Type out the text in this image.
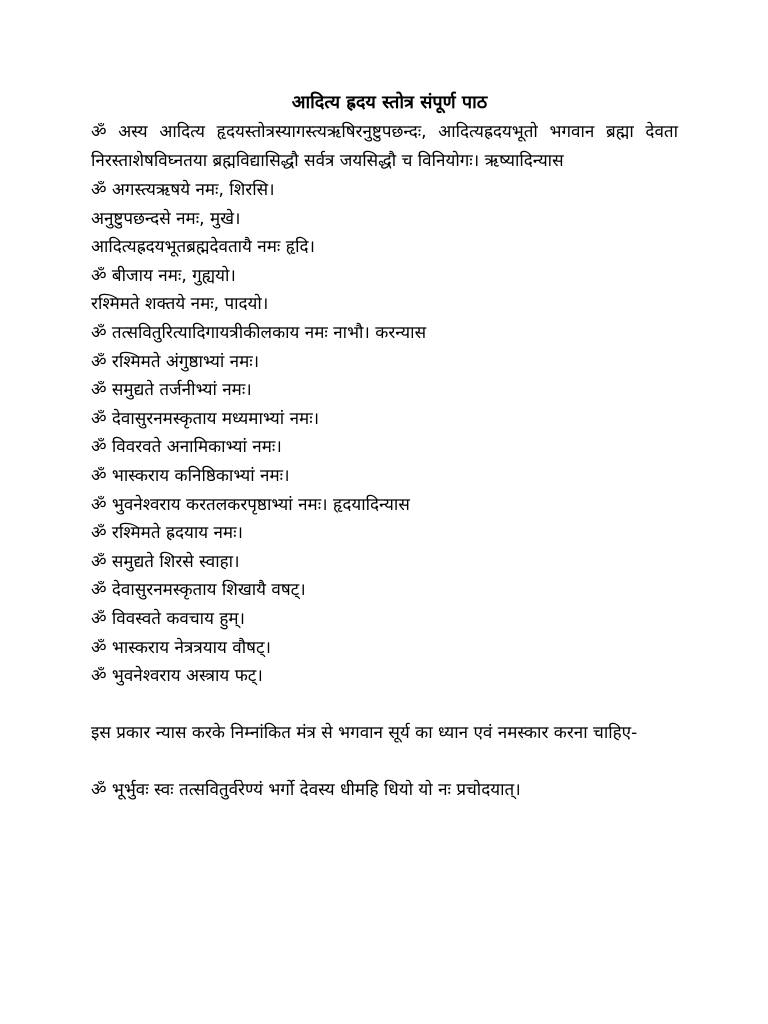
आदित्य ह्रदय स्तोत्र संपूर्ण पाठ

ॐ अस्य आदित्य हृदयस्तोत्रस्यागस्त्यऋषिरनुष्टुपछन्दः, आदित्यह्रदयभूतो भगवान ब्रह्मा देवता निरस्ताशेषविघ्नतया ब्रह्मविद्यासिद्धौ सर्वत्र जयसिद्धौ च विनियोगः। ऋष्यादिन्यास

ॐ अगस्त्यऋषये नमः, शिरसि।
अनुष्टुपछन्दसे नमः, मुखे।
आदित्यह्रदयभूतब्रह्मदेवतायै नमः हृदि।
ॐ बीजाय नमः, गुह्ययो।
रश्मिमते शक्तये नमः, पादयो।
ॐ तत्सवितुरित्यादिगायत्रीकीलकाय नमः नाभौ। करन्यास
ॐ रश्मिमते अंगुष्ठाभ्यां नमः।
ॐ समुद्यते तर्जनीभ्यां नमः।
ॐ देवासुरनमस्कृताय मध्यमाभ्यां नमः।
ॐ विवरवते अनामिकाभ्यां नमः।
ॐ भास्कराय कनिष्ठिकाभ्यां नमः।
ॐ भुवनेश्वराय करतलकरपृष्ठाभ्यां नमः। हृदयादिन्यास
ॐ रश्मिमते ह्रदयाय नमः।
ॐ समुद्यते शिरसे स्वाहा।
ॐ देवासुरनमस्कृताय शिखायै वषट्।
ॐ विवस्वते कवचाय हुम्।
ॐ भास्कराय नेत्रत्रयाय वौषट्।
ॐ भुवनेश्वराय अस्त्राय फट्।

इस प्रकार न्यास करके निम्नांकित मंत्र से भगवान सूर्य का ध्यान एवं नमस्कार करना चाहिए-

ॐ भूर्भुवः स्वः तत्सवितुर्वरेण्यं भर्गो देवस्य धीमहि धियो यो नः प्रचोदयात्।
